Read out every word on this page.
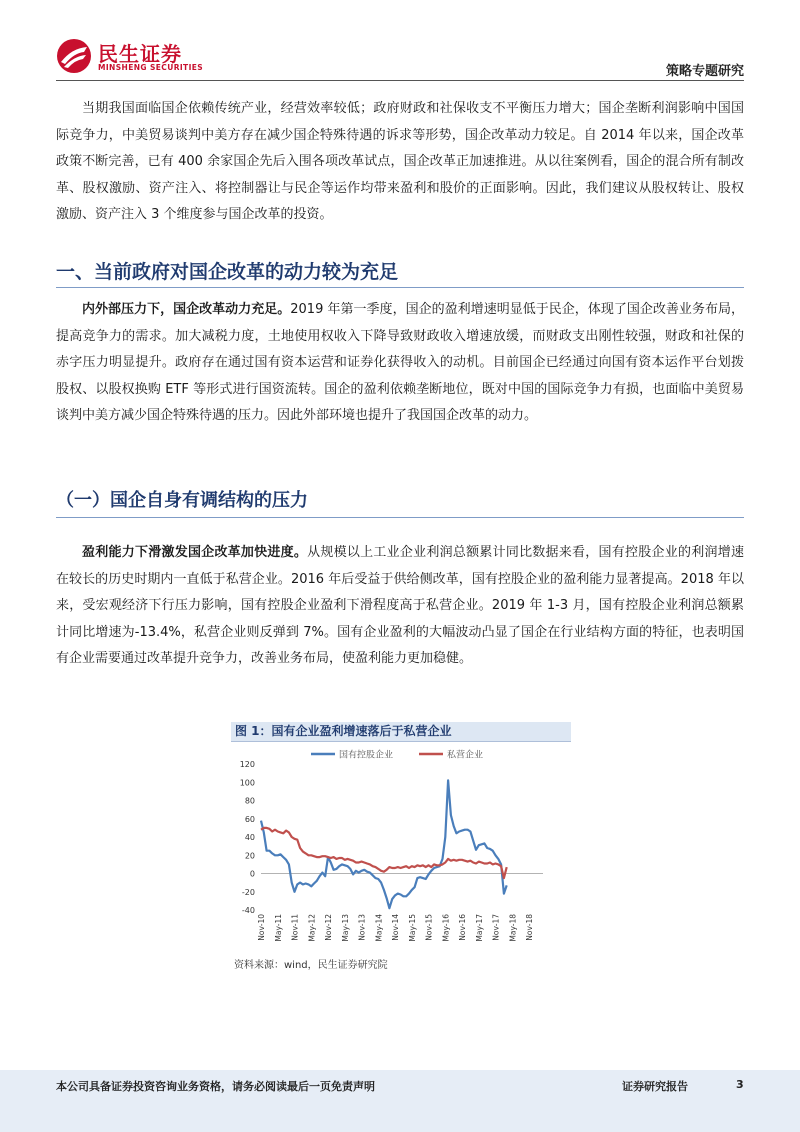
民生证券
MINSHENG SECURITIES	策略专题研究

当期我国面临国企依赖传统产业，经营效率较低；政府财政和社保收支不平衡压力增大；国企垄断利润影响中国国际竞争力，中美贸易谈判中美方存在减少国企特殊待遇的诉求等形势，国企改革动力较足。自 2014 年以来，国企改革政策不断完善，已有 400 余家国企先后入围各项改革试点，国企改革正加速推进。从以往案例看，国企的混合所有制改革、股权激励、资产注入、将控制器让与民企等运作均带来盈利和股价的正面影响。因此，我们建议从股权转让、股权激励、资产注入 3 个维度参与国企改革的投资。

一、当前政府对国企改革的动力较为充足

内外部压力下，国企改革动力充足。2019 年第一季度，国企的盈利增速明显低于民企，体现了国企改善业务布局，提高竞争力的需求。加大减税力度，土地使用权收入下降导致财政收入增速放缓，而财政支出刚性较强，财政和社保的赤字压力明显提升。政府存在通过国有资本运营和证券化获得收入的动机。目前国企已经通过向国有资本运作平台划拨股权、以股权换购 ETF 等形式进行国资流转。国企的盈利依赖垄断地位，既对中国的国际竞争力有损，也面临中美贸易谈判中美方减少国企特殊待遇的压力。因此外部环境也提升了我国国企改革的动力。

（一）国企自身有调结构的压力

盈利能力下滑激发国企改革加快进度。从规模以上工业企业利润总额累计同比数据来看，国有控股企业的利润增速在较长的历史时期内一直低于私营企业。2016 年后受益于供给侧改革，国有控股企业的盈利能力显著提高。2018 年以来，受宏观经济下行压力影响，国有控股企业盈利下滑程度高于私营企业。2019 年 1-3 月，国有控股企业利润总额累计同比增速为-13.4%，私营企业则反弹到 7%。国有企业盈利的大幅波动凸显了国企在行业结构方面的特征，也表明国有企业需要通过改革提升竞争力，改善业务布局，使盈利能力更加稳健。

图 1：国有企业盈利增速落后于私营企业
-40
-20
0
20
40
60
80
100
120
Nov-10 May-11 Nov-11 May-12 Nov-12 May-13 Nov-13 May-14 Nov-14 May-15 Nov-15 May-16 Nov-16 May-17 Nov-17 May-18 Nov-18
国有控股企业	私营企业
资料来源：wind，民生证券研究院
本公司具备证券投资咨询业务资格，请务必阅读最后一页免责声明	证券研究报告	3
